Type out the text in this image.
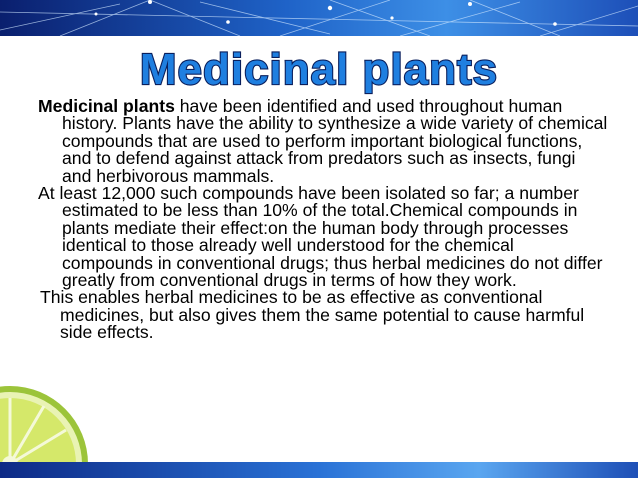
Medicinal plants

Medicinal plants have been identified and used throughout human history. Plants have the ability to synthesize a wide variety of chemical compounds that are used to perform important biological functions, and to defend against attack from predators such as insects, fungi and herbivorous mammals.

At least 12,000 such compounds have been isolated so far; a number estimated to be less than 10% of the total.Chemical compounds in plants mediate their effect:on the human body through processes identical to those already well understood for the chemical compounds in conventional drugs; thus herbal medicines do not differ greatly from conventional drugs in terms of how they work.

This enables herbal medicines to be as effective as conventional medicines, but also gives them the same potential to cause harmful side effects.
